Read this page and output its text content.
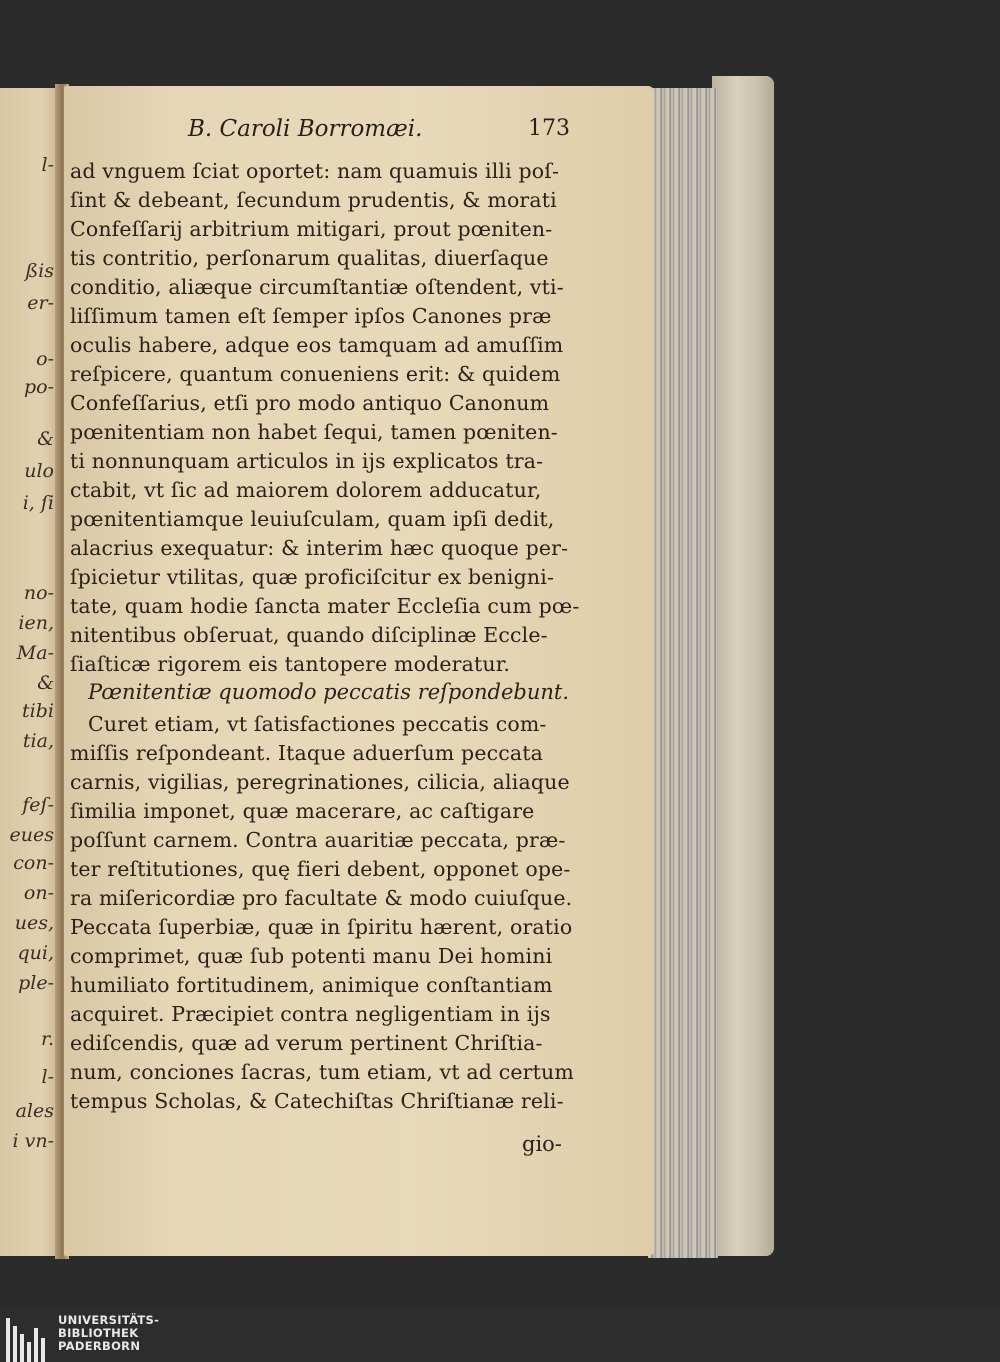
l-
ßis
er-
o-
po-
&
ulo
i, ſi
no-
ien,
Ma-
&
tibi
tia,
feſ-
eues
con-
on-
ues,
qui,
ple-
r.
l-
ales
i vn-
B. Caroli Borromæi.	173
ad vnguem ſciat oportet: nam quamuis illi poſ-
ſint & debeant, ſecundum prudentis, & morati
Confeſſarij arbitrium mitigari, prout pœniten-
tis contritio, perſonarum qualitas, diuerſaque
conditio, aliæque circumſtantiæ oſtendent, vti-
liſſimum tamen eſt ſemper ipſos Canones præ
oculis habere, adque eos tamquam ad amuſſim
reſpicere, quantum conueniens erit: & quidem
Confeſſarius, etſi pro modo antiquo Canonum
pœnitentiam non habet ſequi, tamen pœniten-
ti nonnunquam articulos in ijs explicatos tra-
ctabit, vt ſic ad maiorem dolorem adducatur,
pœnitentiamque leuiuſculam, quam ipſi dedit,
alacrius exequatur: & interim hæc quoque per-
ſpicietur vtilitas, quæ proficiſcitur ex benigni-
tate, quam hodie ſancta mater Eccleſia cum pœ-
nitentibus obſeruat, quando diſciplinæ Eccle-
ſiaſticæ rigorem eis tantopere moderatur.
Pœnitentiæ quomodo peccatis reſpondebunt.
Curet etiam, vt ſatisfactiones peccatis com-
miſſis reſpondeant. Itaque aduerſum peccata
carnis, vigilias, peregrinationes, cilicia, aliaque
ſimilia imponet, quæ macerare, ac caſtigare
poſſunt carnem. Contra auaritiæ peccata, præ-
ter reſtitutiones, quę fieri debent, opponet ope-
ra miſericordiæ pro facultate & modo cuiuſque.
Peccata ſuperbiæ, quæ in ſpiritu hærent, oratio
comprimet, quæ ſub potenti manu Dei homini
humiliato fortitudinem, animique conſtantiam
acquiret. Præcipiet contra negligentiam in ijs
ediſcendis, quæ ad verum pertinent Chriſtia-
num, conciones ſacras, tum etiam, vt ad certum
tempus Scholas, & Catechiſtas Chriſtianæ reli-
gio-
UNIVERSITÄTS-
BIBLIOTHEK
PADERBORN
